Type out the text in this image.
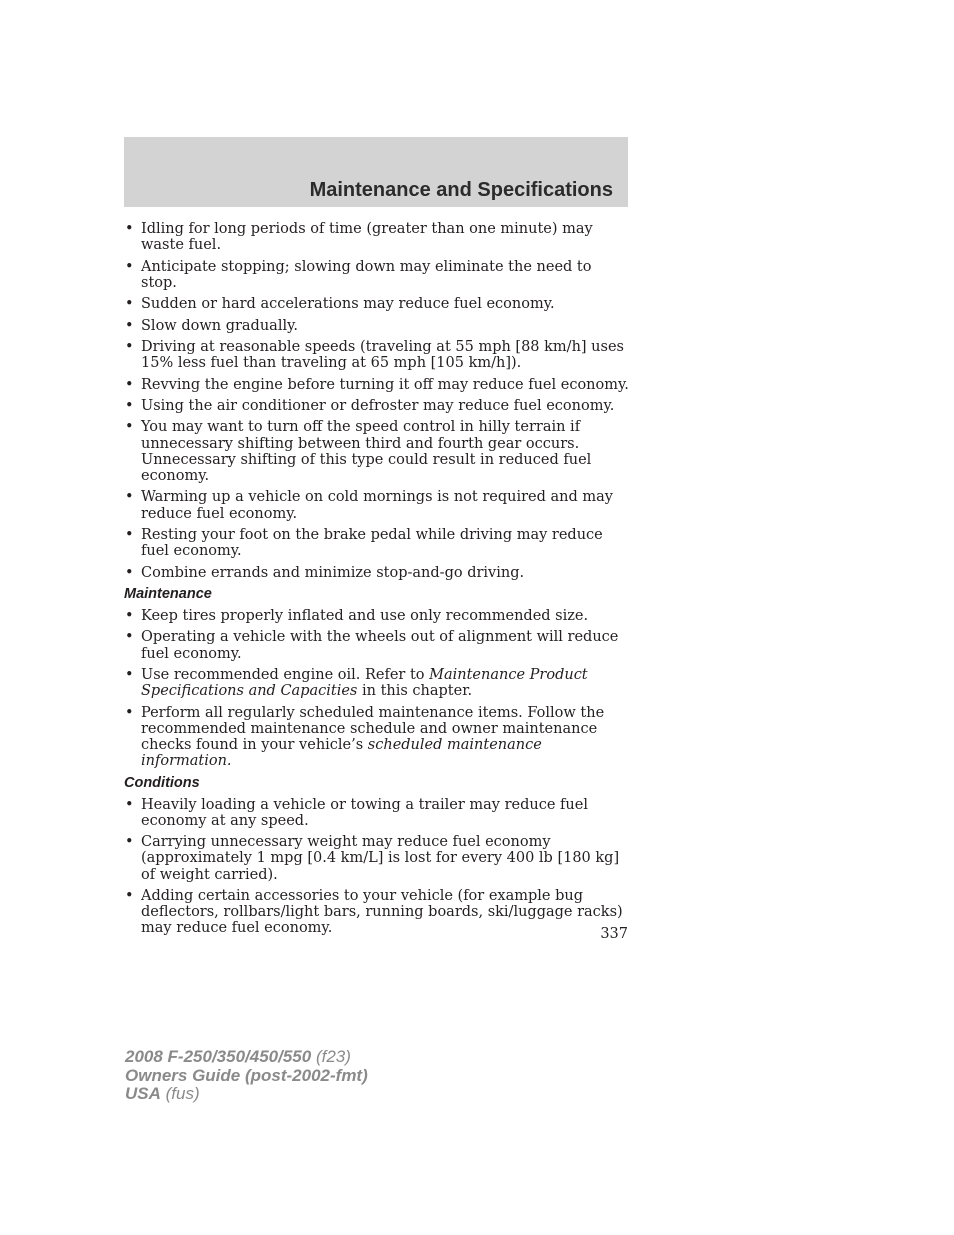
Maintenance and Specifications
• Idling for long periods of time (greater than one minute) may waste fuel.
• Anticipate stopping; slowing down may eliminate the need to stop.
• Sudden or hard accelerations may reduce fuel economy.
• Slow down gradually.
• Driving at reasonable speeds (traveling at 55 mph [88 km/h] uses 15% less fuel than traveling at 65 mph [105 km/h]).
• Revving the engine before turning it off may reduce fuel economy.
• Using the air conditioner or defroster may reduce fuel economy.
• You may want to turn off the speed control in hilly terrain if unnecessary shifting between third and fourth gear occurs. Unnecessary shifting of this type could result in reduced fuel economy.
• Warming up a vehicle on cold mornings is not required and may reduce fuel economy.
• Resting your foot on the brake pedal while driving may reduce fuel economy.
• Combine errands and minimize stop-and-go driving.
Maintenance
• Keep tires properly inflated and use only recommended size.
• Operating a vehicle with the wheels out of alignment will reduce fuel economy.
• Use recommended engine oil. Refer to Maintenance Product Specifications and Capacities in this chapter.
• Perform all regularly scheduled maintenance items. Follow the recommended maintenance schedule and owner maintenance checks found in your vehicle’s scheduled maintenance information.
Conditions
• Heavily loading a vehicle or towing a trailer may reduce fuel economy at any speed.
• Carrying unnecessary weight may reduce fuel economy (approximately 1 mpg [0.4 km/L] is lost for every 400 lb [180 kg] of weight carried).
• Adding certain accessories to your vehicle (for example bug deflectors, rollbars/light bars, running boards, ski/luggage racks) may reduce fuel economy.	337
2008 F-250/350/450/550 (f23)
Owners Guide (post-2002-fmt)
USA (fus)
